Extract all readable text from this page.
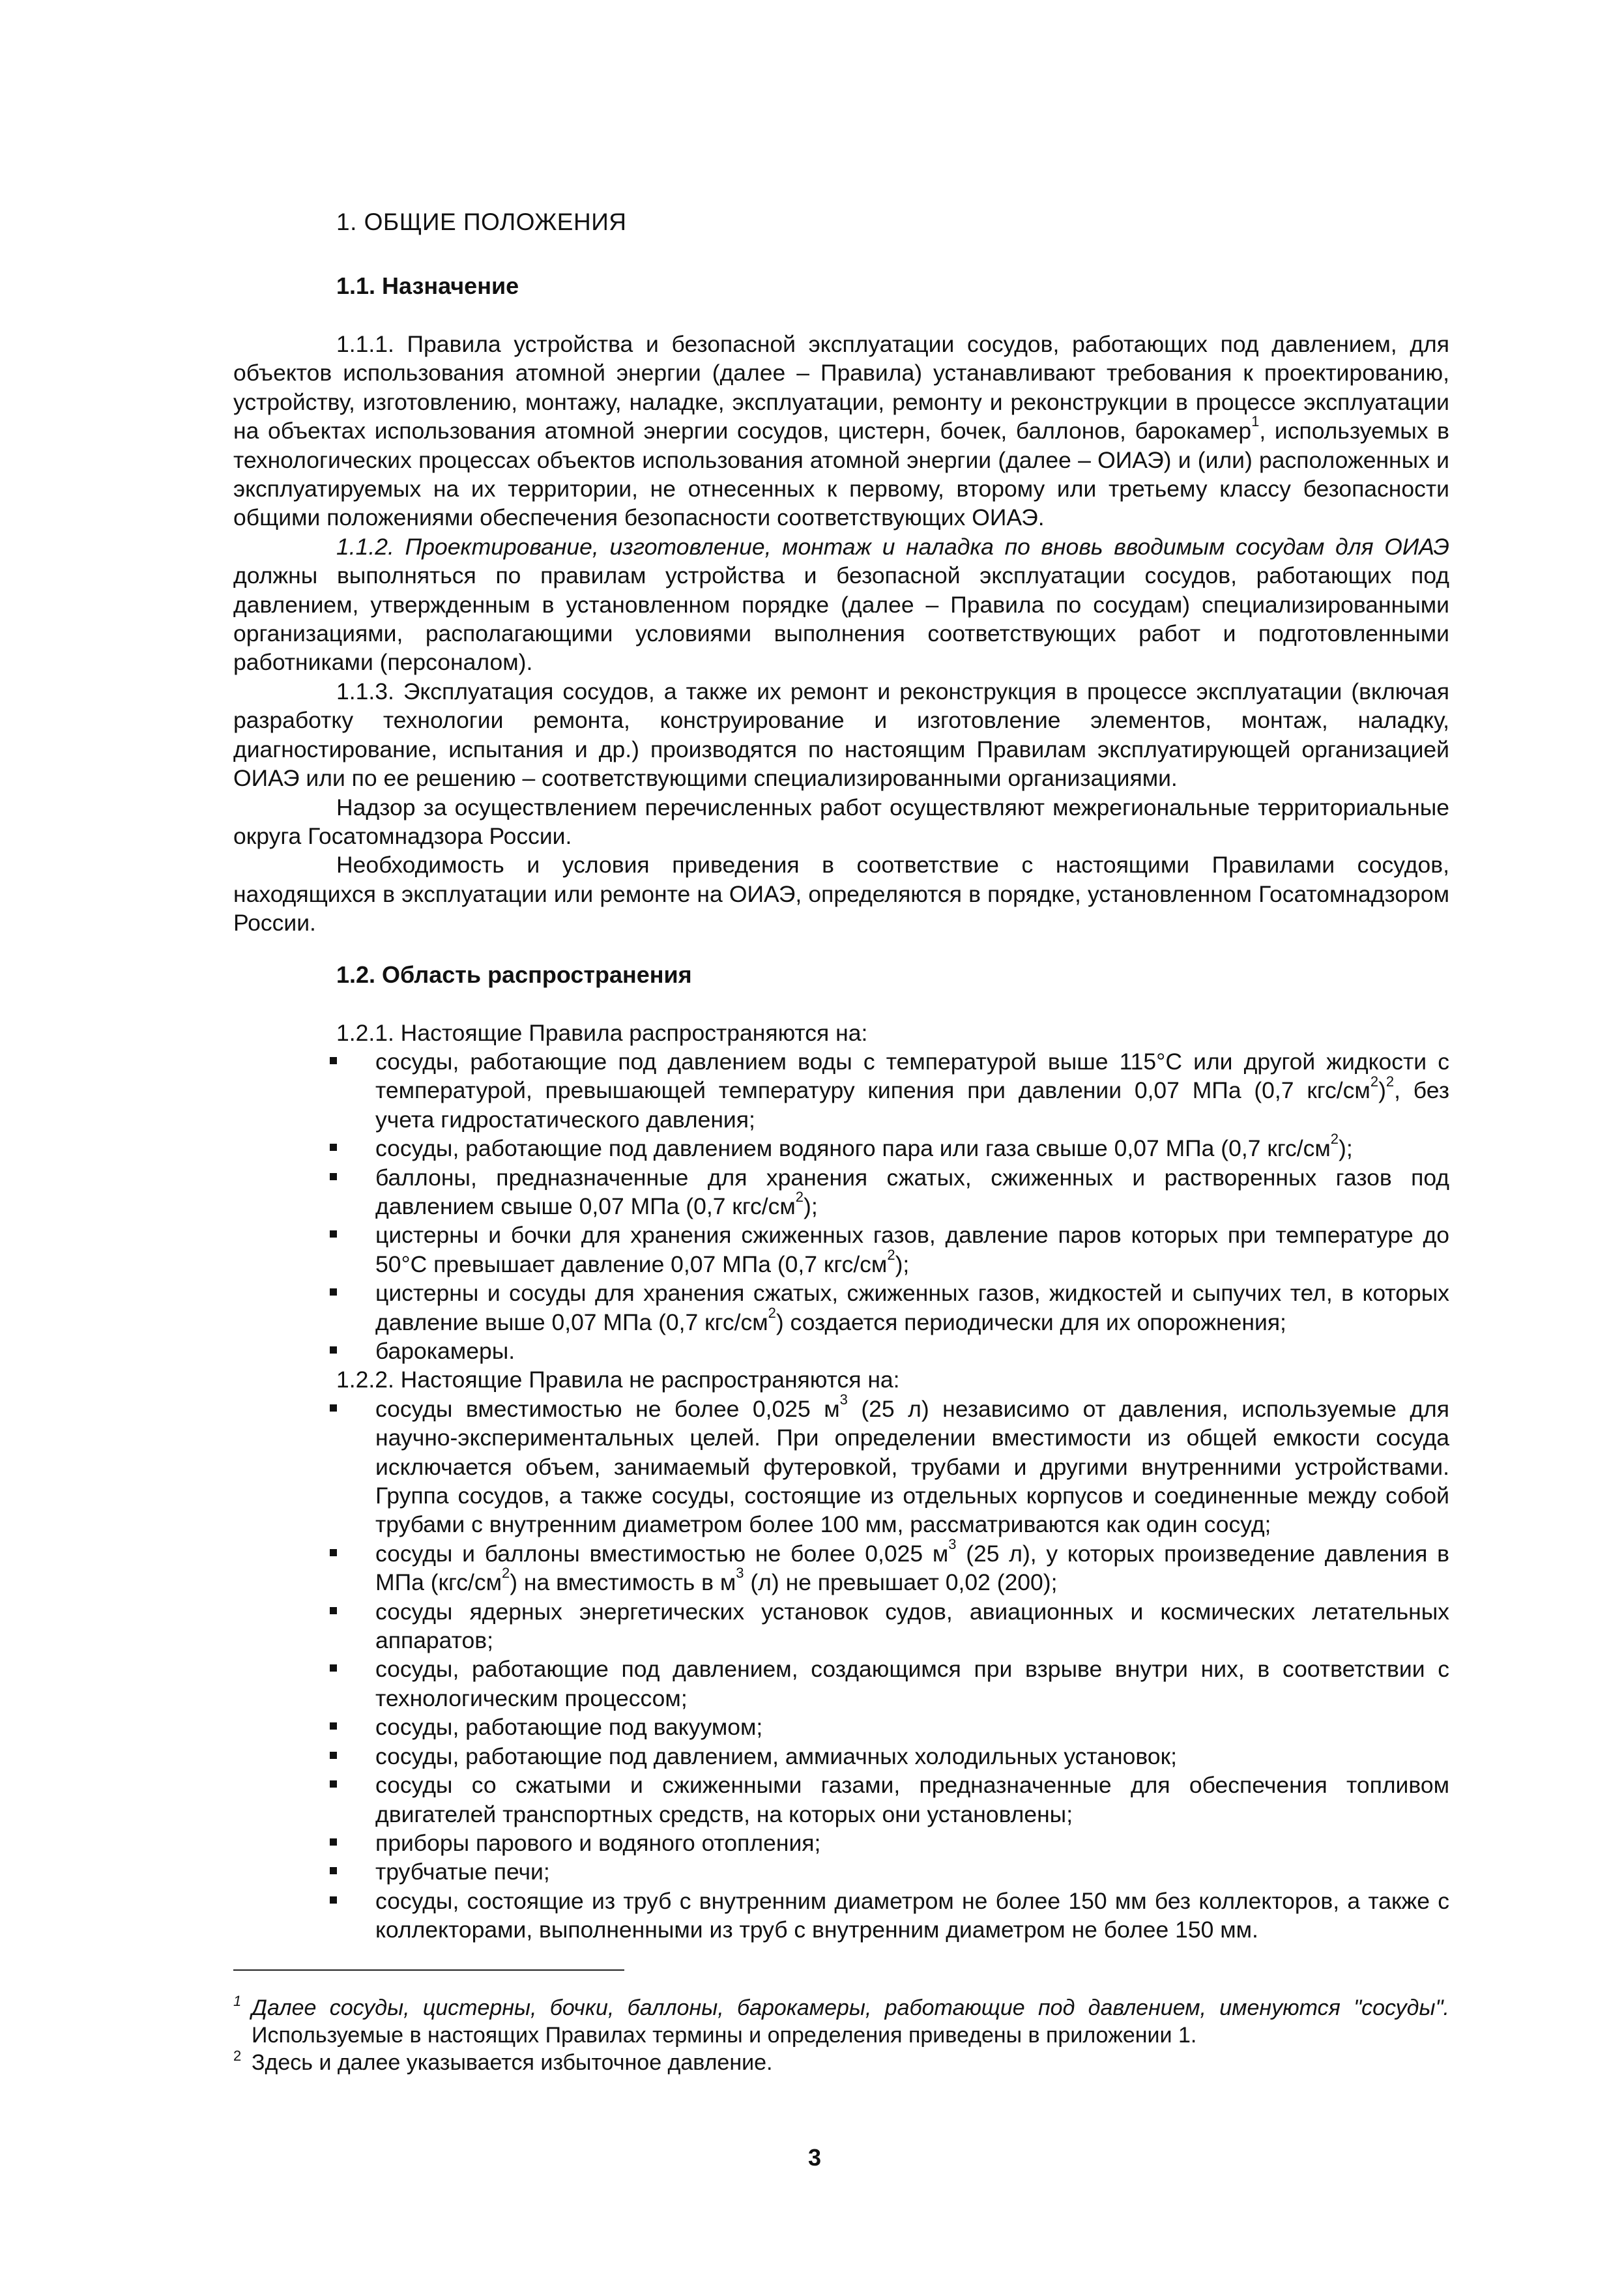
1. ОБЩИЕ ПОЛОЖЕНИЯ
1.1. Назначение

1.1.1. Правила устройства и безопасной эксплуатации сосудов, работающих под давлением, для объектов использования атомной энергии (далее – Правила) устанавливают требования к проектированию, устройству, изготовлению, монтажу, наладке, эксплуатации, ремонту и реконструкции в процессе эксплуатации на объектах использования атомной энергии сосудов, цистерн, бочек, баллонов, барокамер$^1$, используемых в технологических процессах объектов использования атомной энергии (далее – ОИАЭ) и (или) расположенных и эксплуатируемых на их территории, не отнесенных к первому, второму или третьему классу безопасности общими положениями обеспечения безопасности соответствующих ОИАЭ.

1.1.2. Проектирование, изготовление, монтаж и наладка по вновь вводимым сосудам для ОИАЭ должны выполняться по правилам устройства и безопасной эксплуатации сосудов, работающих под давлением, утвержденным в установленном порядке (далее – Правила по сосудам) специализированными организациями, располагающими условиями выполнения соответствующих работ и подготовленными работниками (персоналом).

1.1.3. Эксплуатация сосудов, а также их ремонт и реконструкция в процессе эксплуатации (включая разработку технологии ремонта, конструирование и изготовление элементов, монтаж, наладку, диагностирование, испытания и др.) производятся по настоящим Правилам эксплуатирующей организацией ОИАЭ или по ее решению – соответствующими специализированными организациями.

Надзор за осуществлением перечисленных работ осуществляют межрегиональные территориальные округа Госатомнадзора России.

Необходимость и условия приведения в соответствие с настоящими Правилами сосудов, находящихся в эксплуатации или ремонте на ОИАЭ, определяются в порядке, установленном Госатомнадзором России.

1.2. Область распространения

1.2.1. Настоящие Правила распространяются на:

сосуды, работающие под давлением воды с температурой выше 115°С или другой жидкости с температурой, превышающей температуру кипения при давлении 0,07 МПа (0,7 кгс/$см^2)^2$, без учета гидростатического давления;
сосуды, работающие под давлением водяного пара или газа свыше 0,07 МПа (0,7 кгс/$см^2$);
баллоны, предназначенные для хранения сжатых, сжиженных и растворенных газов под давлением свыше 0,07 МПа (0,7 кгс/$см^2$);
цистерны и бочки для хранения сжиженных газов, давление паров которых при температуре до 50°С превышает давление 0,07 МПа (0,7 кгс/$см^2$);
цистерны и сосуды для хранения сжатых, сжиженных газов, жидкостей и сыпучих тел, в которых давление выше 0,07 МПа (0,7 кгс/$см^2$) создается периодически для их опорожнения;
барокамеры.

1.2.2. Настоящие Правила не распространяются на:

сосуды вместимостью не более 0,025 $м^3$ (25 л) независимо от давления, используемые для научно-экспериментальных целей. При определении вместимости из общей емкости сосуда исключается объем, занимаемый футеровкой, трубами и другими внутренними устройствами. Группа сосудов, а также сосуды, состоящие из отдельных корпусов и соединенные между собой трубами с внутренним диаметром более 100 мм, рассматриваются как один сосуд;
сосуды и баллоны вместимостью не более 0,025 $м^3$ (25 л), у которых произведение давления в МПа $(кгс/см^2)$ на вместимость в $м^3$ (л) не превышает 0,02 (200);
сосуды ядерных энергетических установок судов, авиационных и космических летательных аппаратов;
сосуды, работающие под давлением, создающимся при взрыве внутри них, в соответствии с технологическим процессом;
сосуды, работающие под вакуумом;
сосуды, работающие под давлением, аммиачных холодильных установок;
сосуды со сжатыми и сжиженными газами, предназначенные для обеспечения топливом двигателей транспортных средств, на которых они установлены;
приборы парового и водяного отопления;
трубчатые печи;
сосуды, состоящие из труб с внутренним диаметром не более 150 мм без коллекторов, а также с коллекторами, выполненными из труб с внутренним диаметром не более 150 мм.
1 Далее сосуды, цистерны, бочки, баллоны, барокамеры, работающие под давлением, именуются "сосуды". Используемые в настоящих Правилах термины и определения приведены в приложении 1.
2 Здесь и далее указывается избыточное давление.
3
